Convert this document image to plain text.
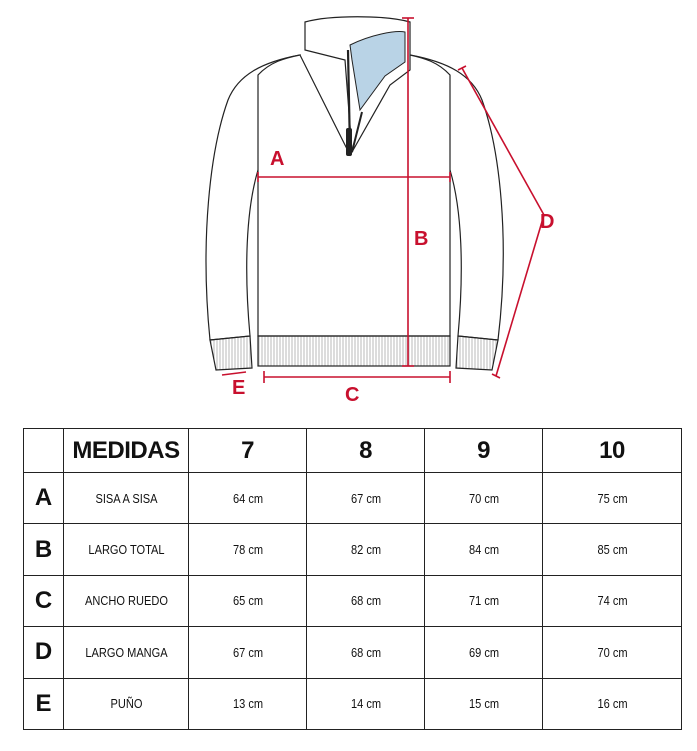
A
B
C
D
E
	MEDIDAS	7	8	9	10
A	SISA A SISA	64 cm	67 cm	70 cm	75 cm
B	LARGO TOTAL	78 cm	82 cm	84 cm	85 cm
C	ANCHO RUEDO	65 cm	68 cm	71 cm	74 cm
D	LARGO MANGA	67 cm	68 cm	69 cm	70 cm
E	PUÑO	13 cm	14 cm	15 cm	16 cm
